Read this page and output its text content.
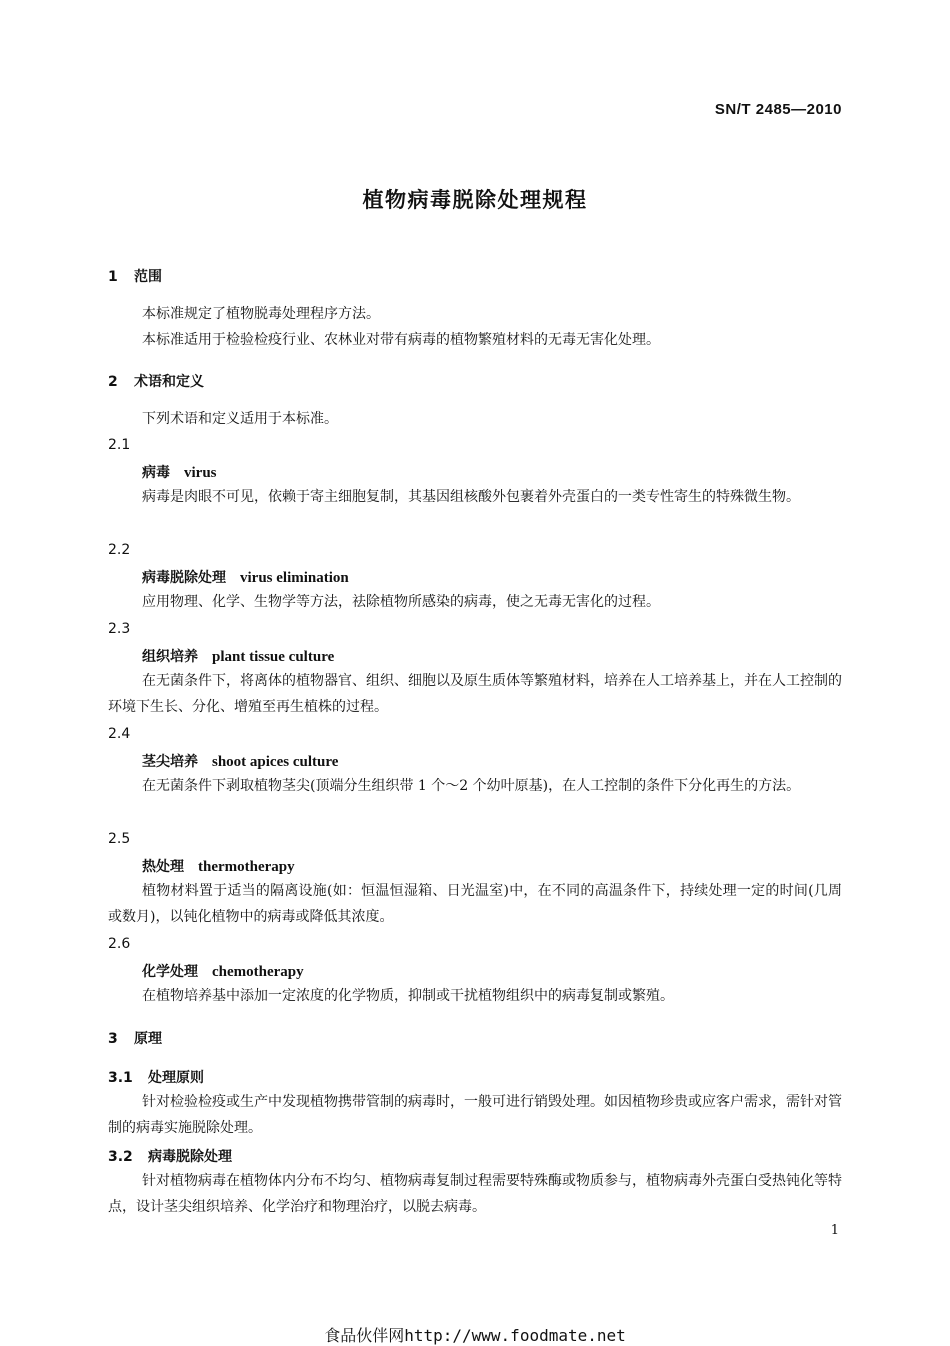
SN/T 2485—2010
植物病毒脱除处理规程
1 范围
本标准规定了植物脱毒处理程序方法。
本标准适用于检验检疫行业、农林业对带有病毒的植物繁殖材料的无毒无害化处理。
2 术语和定义
下列术语和定义适用于本标准。
2.1
病毒 virus
病毒是肉眼不可见，依赖于寄主细胞复制，其基因组核酸外包裹着外壳蛋白的一类专性寄生的特殊微生物。
2.2
病毒脱除处理 virus elimination
应用物理、化学、生物学等方法，祛除植物所感染的病毒，使之无毒无害化的过程。
2.3
组织培养 plant tissue culture
在无菌条件下，将离体的植物器官、组织、细胞以及原生质体等繁殖材料，培养在人工培养基上，并在人工控制的环境下生长、分化、增殖至再生植株的过程。
2.4
茎尖培养 shoot apices culture
在无菌条件下剥取植物茎尖(顶端分生组织带 1 个～2 个幼叶原基)，在人工控制的条件下分化再生的方法。
2.5
热处理 thermotherapy
植物材料置于适当的隔离设施(如：恒温恒湿箱、日光温室)中，在不同的高温条件下，持续处理一定的时间(几周或数月)，以钝化植物中的病毒或降低其浓度。
2.6
化学处理 chemotherapy
在植物培养基中添加一定浓度的化学物质，抑制或干扰植物组织中的病毒复制或繁殖。
3 原理
3.1 处理原则
针对检验检疫或生产中发现植物携带管制的病毒时，一般可进行销毁处理。如因植物珍贵或应客户需求，需针对管制的病毒实施脱除处理。
3.2 病毒脱除处理
针对植物病毒在植物体内分布不均匀、植物病毒复制过程需要特殊酶或物质参与，植物病毒外壳蛋白受热钝化等特点，设计茎尖组织培养、化学治疗和物理治疗，以脱去病毒。
1
食品伙伴网http://www.foodmate.net
